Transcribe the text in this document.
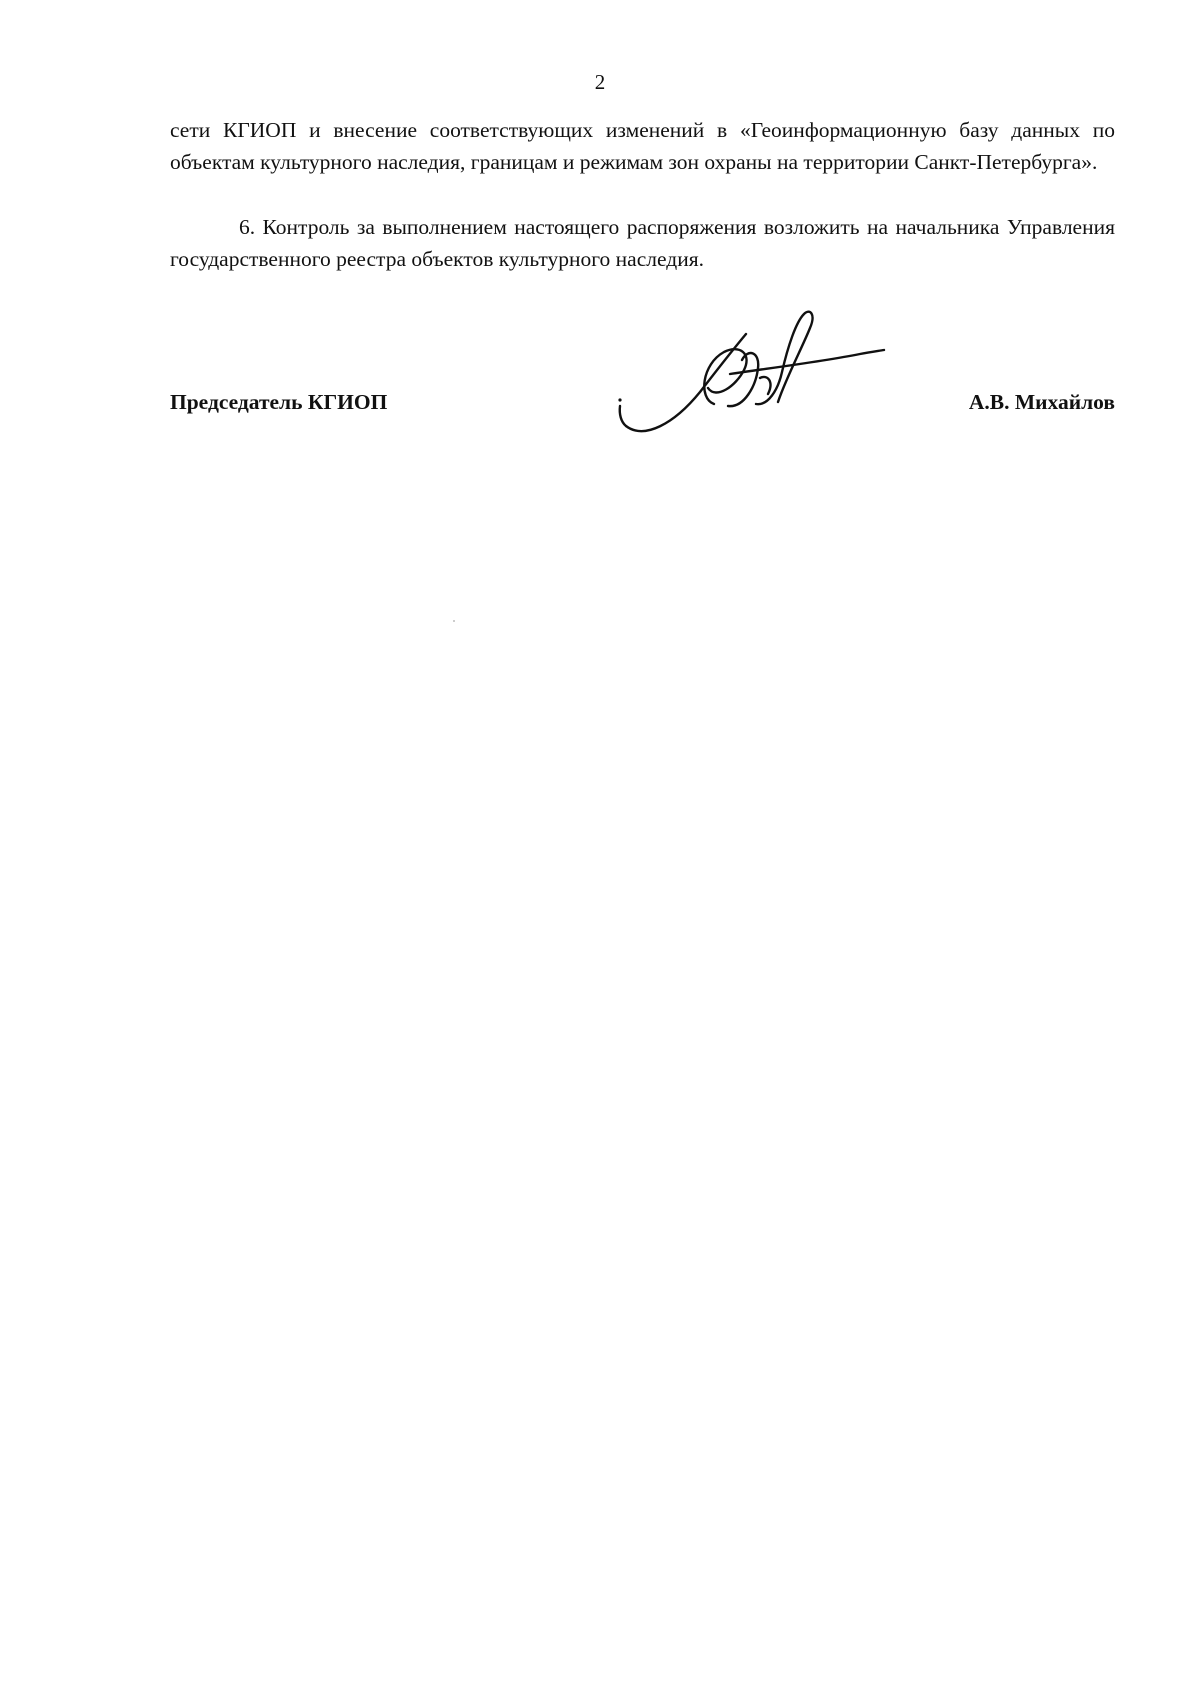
2

сети КГИОП и внесение соответствующих изменений в «Геоинформационную базу данных по объектам культурного наследия, границам и режимам зон охраны на территории Санкт-Петербурга».

6. Контроль за выполнением настоящего распоряжения возложить на начальника Управления государственного реестра объектов культурного наследия.

Председатель КГИОП	А.В. Михайлов
